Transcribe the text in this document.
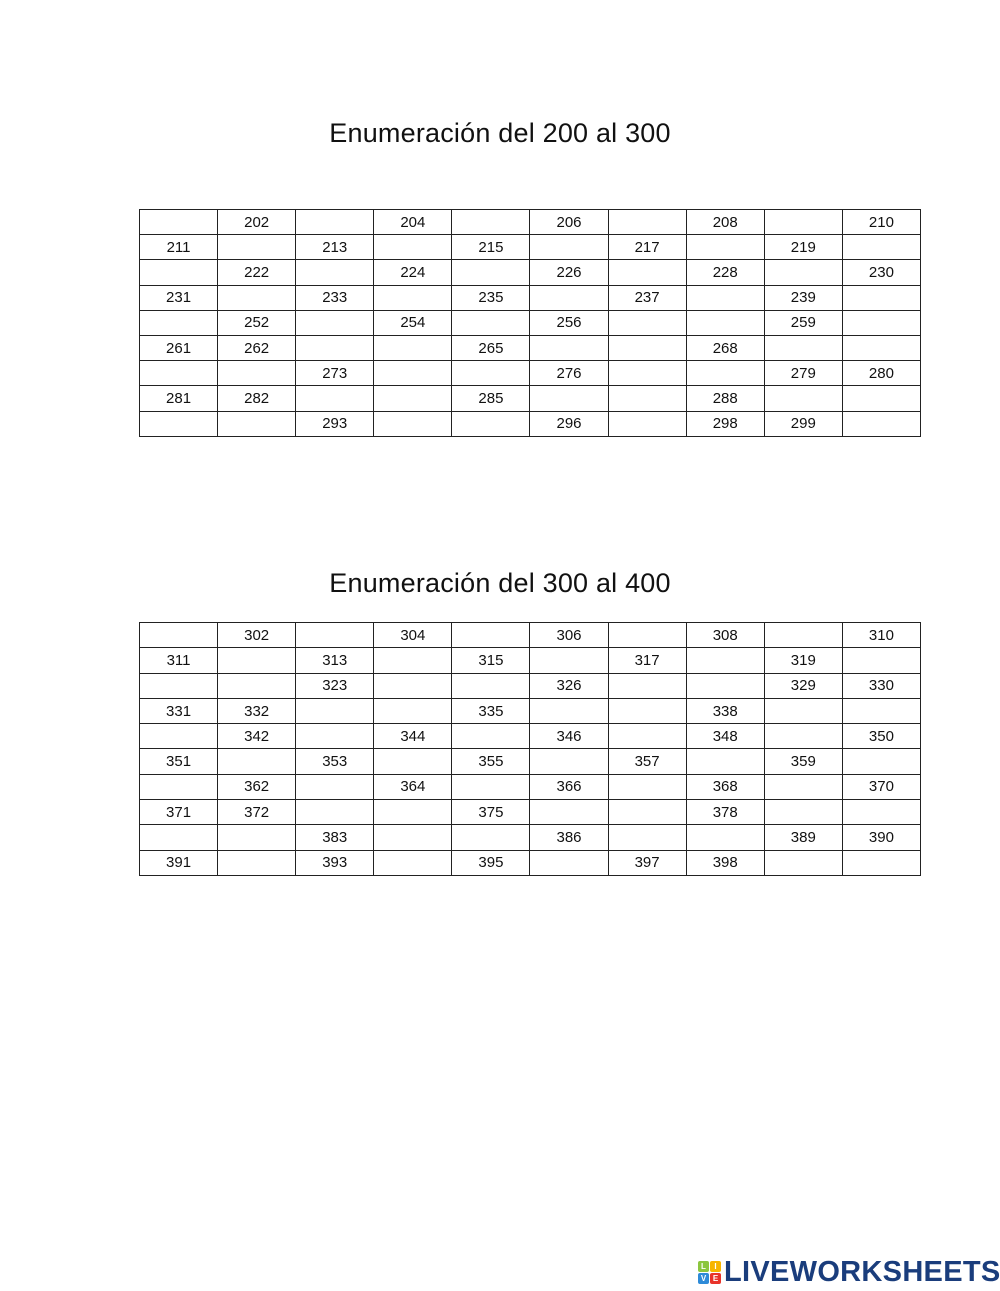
Enumeración del 200 al 300
	202		204		206		208		210
211		213		215		217		219	
	222		224		226		228		230
231		233		235		237		239	
	252		254		256			259	
261	262			265			268		
		273			276			279	280
281	282			285			288		
		293			296		298	299	
Enumeración del 300 al 400
	302		304		306		308		310
311		313		315		317		319	
		323			326			329	330
331	332			335			338		
	342		344		346		348		350
351		353		355		357		359	
	362		364		366		368		370
371	372			375			378		
		383			386			389	390
391		393		395		397	398		
L	I
V E LIVEWORKSHEETS
